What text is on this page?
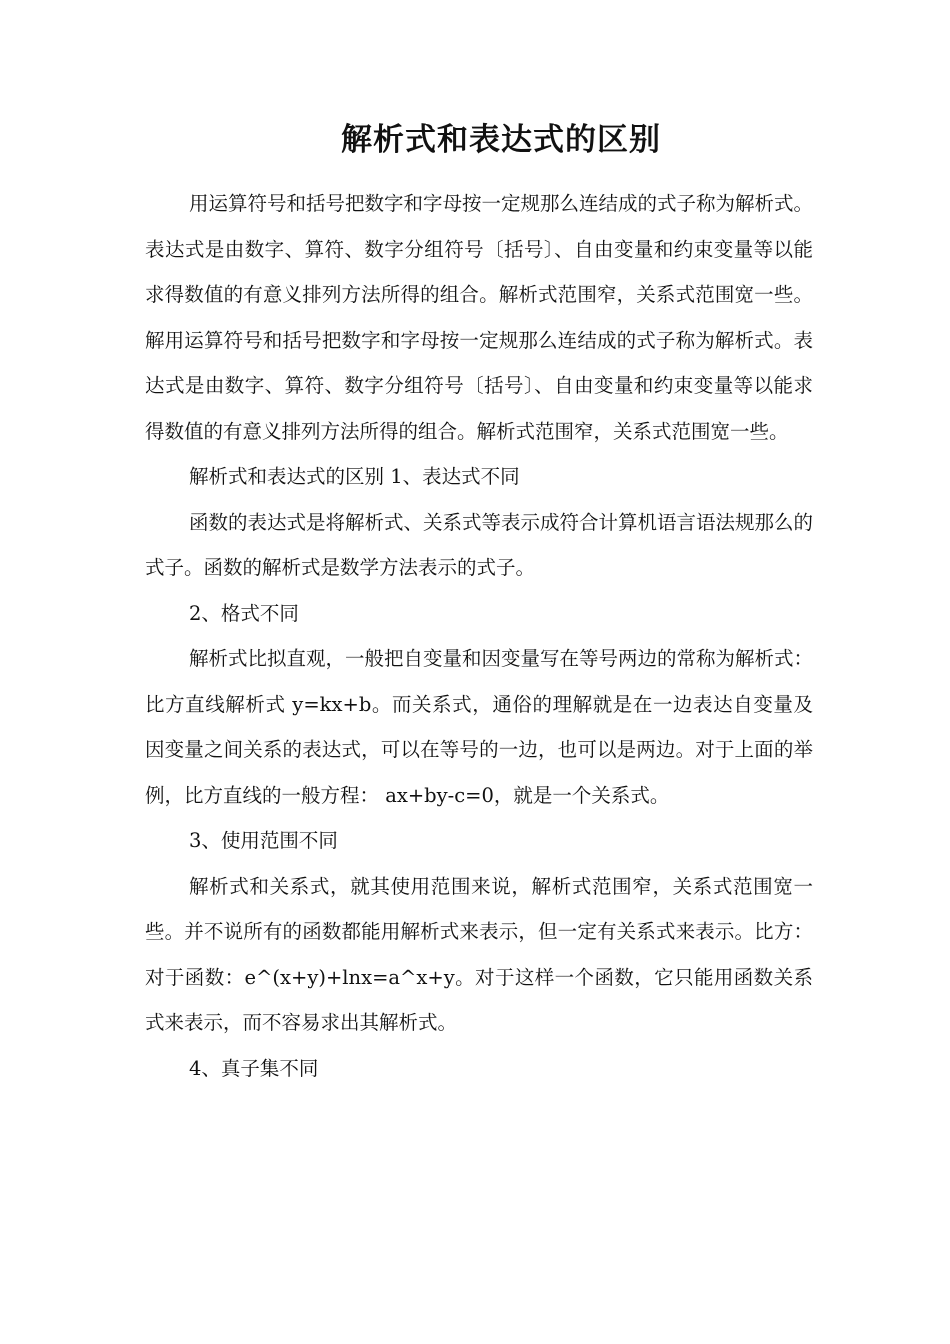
解析式和表达式的区别

用运算符号和括号把数字和字母按一定规那么连结成的式子称为解析式。表达式是由数字、算符、数字分组符号〔括号〕、自由变量和约束变量等以能求得数值的有意义排列方法所得的组合。解析式范围窄，关系式范围宽一些。解用运算符号和括号把数字和字母按一定规那么连结成的式子称为解析式。表达式是由数字、算符、数字分组符号〔括号〕、自由变量和约束变量等以能求得数值的有意义排列方法所得的组合。解析式范围窄，关系式范围宽一些。

解析式和表达式的区别 1、表达式不同

函数的表达式是将解析式、关系式等表示成符合计算机语言语法规那么的式子。函数的解析式是数学方法表示的式子。

2、格式不同

解析式比拟直观，一般把自变量和因变量写在等号两边的常称为解析式：比方直线解析式 y=kx+b。而关系式，通俗的理解就是在一边表达自变量及因变量之间关系的表达式，可以在等号的一边，也可以是两边。对于上面的举例，比方直线的一般方程： ax+by-c=0，就是一个关系式。

3、使用范围不同

解析式和关系式，就其使用范围来说，解析式范围窄，关系式范围宽一些。并不说所有的函数都能用解析式来表示，但一定有关系式来表示。比方：对于函数：e^(x+y)+lnx=a^x+y。对于这样一个函数，它只能用函数关系式来表示，而不容易求出其解析式。

4、真子集不同
